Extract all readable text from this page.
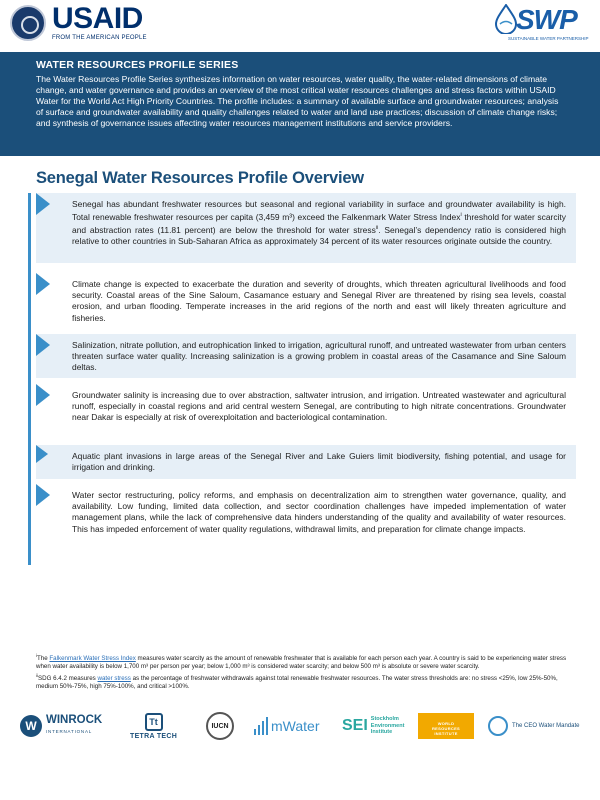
USAID
FROM THE AMERICAN PEOPLE
SWP
SUSTAINABLE WATER PARTNERSHIP
WATER RESOURCES PROFILE SERIES
The Water Resources Profile Series synthesizes information on water resources, water quality, the water-related dimensions of climate change, and water governance and provides an overview of the most critical water resources challenges and stress factors within USAID Water for the World Act High Priority Countries. The profile includes: a summary of available surface and groundwater resources; analysis of surface and groundwater availability and quality challenges related to water and land use practices; discussion of climate change risks; and synthesis of governance issues affecting water resources management institutions and service providers.
Senegal Water Resources Profile Overview
Senegal has abundant freshwater resources but seasonal and regional variability in surface and groundwater availability is high. Total renewable freshwater resources per capita (3,459 m³) exceed the Falkenmark Water Stress Index$^i$ threshold for water scarcity and abstraction rates (11.81 percent) are below the threshold for water stress$^{ii}$. Senegal’s dependency ratio is considered high relative to other countries in Sub-Saharan Africa as approximately 34 percent of its water resources originate outside the country.
Climate change is expected to exacerbate the duration and severity of droughts, which threaten agricultural livelihoods and food security. Coastal areas of the Sine Saloum, Casamance estuary and Senegal River are threatened by rising sea levels, coastal erosion, and urban flooding. Temperate increases in the arid regions of the north and east will likely threaten agriculture and fisheries.
Salinization, nitrate pollution, and eutrophication linked to irrigation, agricultural runoff, and untreated wastewater from urban centers threaten surface water quality. Increasing salinization is a growing problem in coastal areas of the Casamance and Sine Saloum deltas.
Groundwater salinity is increasing due to over abstraction, saltwater intrusion, and irrigation. Untreated wastewater and agricultural runoff, especially in coastal regions and arid central western Senegal, are contributing to high nitrate concentrations. Groundwater near Dakar is especially at risk of overexploitation and bacteriological contamination.
Aquatic plant invasions in large areas of the Senegal River and Lake Guiers limit biodiversity, fishing potential, and usage for irrigation and drinking.
Water sector restructuring, policy reforms, and emphasis on decentralization aim to strengthen water governance, quality, and availability. Low funding, limited data collection, and sector coordination challenges have impeded implementation of water management plans, while the lack of comprehensive data hinders understanding of the quality and availability of water resources. This has impeded enforcement of water quality regulations, withdrawal limits, and preparation for climate change impacts.
$^i$The Falkenmark Water Stress Index measures water scarcity as the amount of renewable freshwater that is available for each person each year. A country is said to be experiencing water stress when water availability is below 1,700 m³ per person per year; below 1,000 m³ is considered water scarcity; and below 500 m³ is absolute or severe water scarcity.
$^{ii}$SDG 6.4.2 measures water stress as the percentage of freshwater withdrawals against total renewable freshwater resources. The water stress thresholds are: no stress <25%, low 25%-50%, medium 50%-75%, high 75%-100%, and critical >100%.
W WINROCK
INTERNATIONAL
Tt
TETRA TECH
IUCN	mWater SEI Stockholm
Environment
Institute
WORLD
RESOURCES
INSTITUTE
The CEO Water Mandate
